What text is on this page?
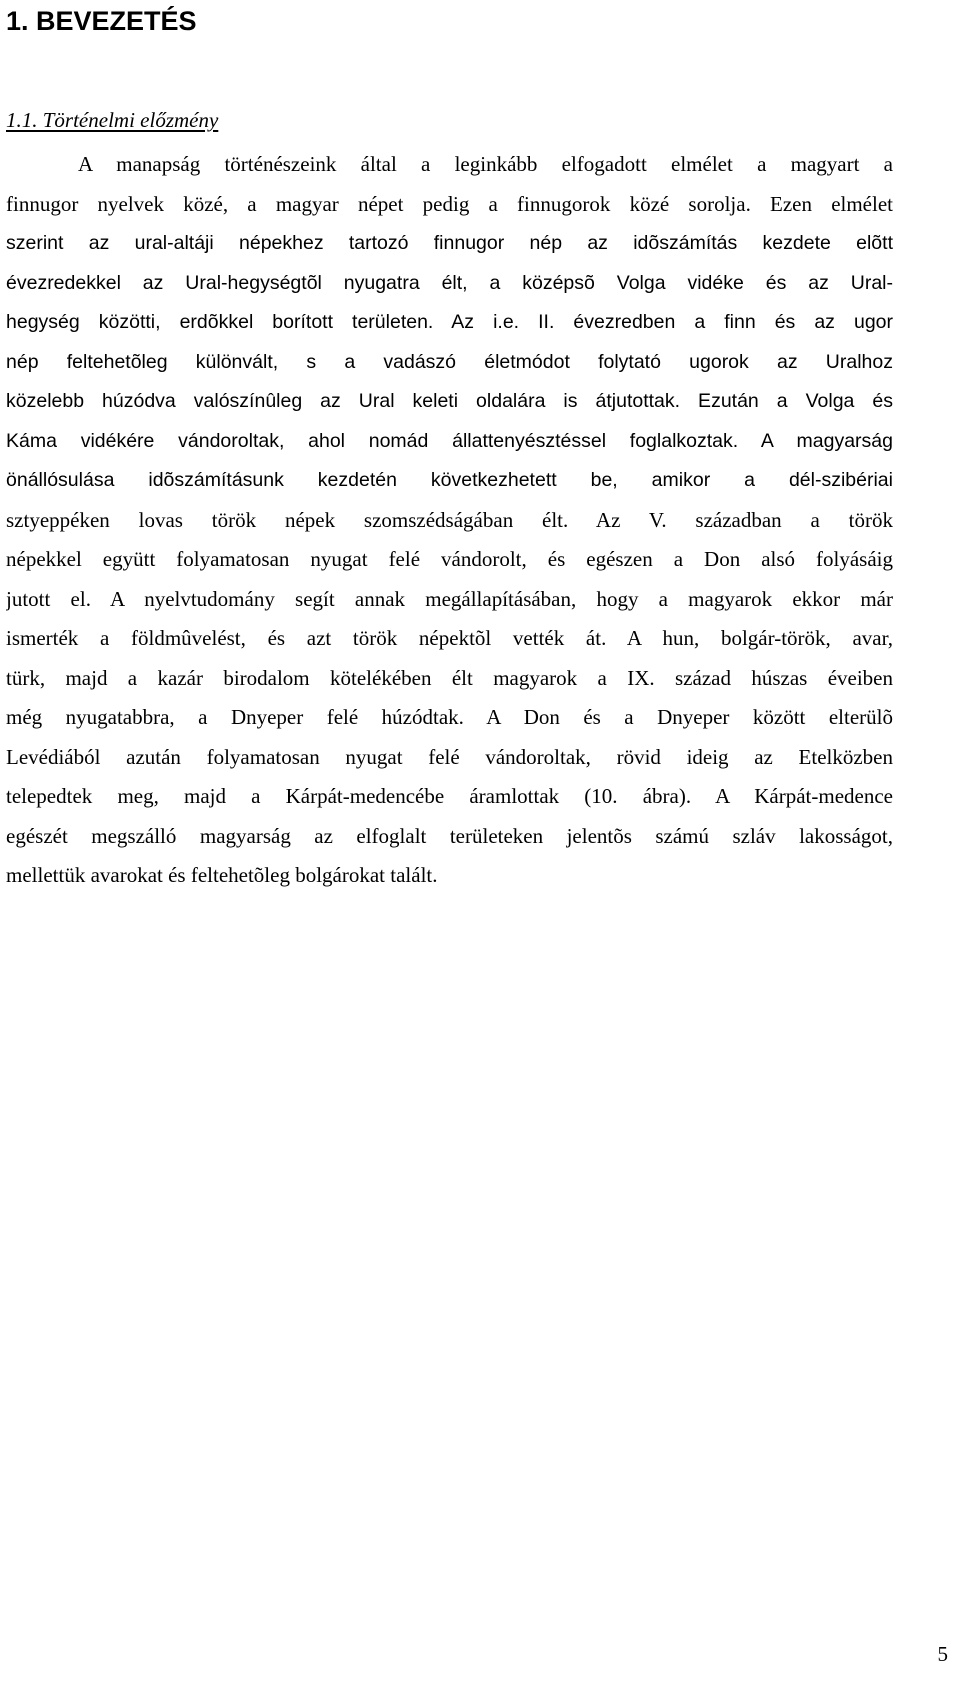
1. BEVEZETÉS
1.1. Történelmi előzmény
A manapság történészeink által a leginkább elfogadott elmélet a magyart a
finnugor nyelvek közé, a magyar népet pedig a finnugorok közé sorolja. Ezen elmélet
szerint az ural-altáji népekhez tartozó finnugor nép az idõszámítás kezdete elõtt
évezredekkel az Ural-hegységtõl nyugatra élt, a középsõ Volga vidéke és az Ural-
hegység közötti, erdõkkel borított területen. Az i.e. II. évezredben a finn és az ugor
nép feltehetõleg különvált, s a vadászó életmódot folytató ugorok az Uralhoz
közelebb húzódva valószínûleg az Ural keleti oldalára is átjutottak. Ezután a Volga és
Káma vidékére vándoroltak, ahol nomád állattenyésztéssel foglalkoztak. A magyarság
önállósulása idõszámításunk kezdetén következhetett be, amikor a dél-szibériai
sztyeppéken lovas török népek szomszédságában élt. Az V. században a török
népekkel együtt folyamatosan nyugat felé vándorolt, és egészen a Don alsó folyásáig
jutott el. A nyelvtudomány segít annak megállapításában, hogy a magyarok ekkor már
ismerték a földmûvelést, és azt török népektõl vették át. A hun, bolgár-török, avar,
türk, majd a kazár birodalom kötelékében élt magyarok a IX. század húszas éveiben
még nyugatabbra, a Dnyeper felé húzódtak. A Don és a Dnyeper között elterülõ
Levédiából azután folyamatosan nyugat felé vándoroltak, rövid ideig az Etelközben
telepedtek meg, majd a Kárpát-medencébe áramlottak (10. ábra). A Kárpát-medence
egészét megszálló magyarság az elfoglalt területeken jelentõs számú szláv lakosságot,
mellettük avarokat és feltehetõleg bolgárokat talált.
5
